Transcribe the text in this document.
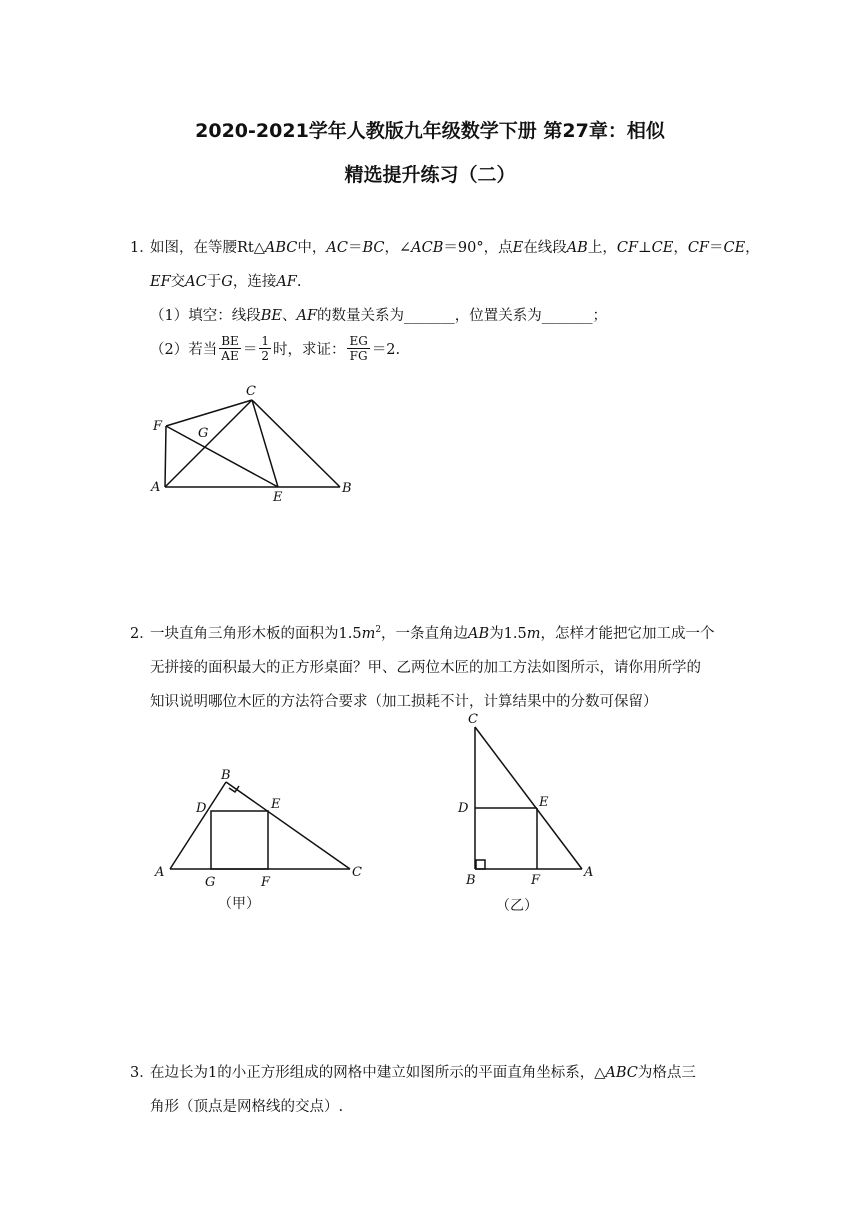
2020-2021学年人教版九年级数学下册 第27章：相似
精选提升练习（二）
1．
如图，在等腰Rt△ABC中，AC＝BC，∠ACB＝90°，点E在线段AB上，CF⊥CE，CF＝CE，
EF交AC于G，连接AF.
（1）填空：线段BE、AF的数量关系为_______，位置关系为_______；
（2）若当 $\frac{BE}{AE} = \frac{1}{2}$ 时，求证： $\frac{EG}{FG} =2$.
C
F	G
A
E
B
2．
一块直角三角形木板的面积为$1.5m^2$，一条直角边AB为1.5m，怎样才能把它加工成一个
无拼接的面积最大的正方形桌面？甲、乙两位木匠的加工方法如图所示，请你用所学的
知识说明哪位木匠的方法符合要求（加工损耗不计，计算结果中的分数可保留）
B
D	E
A
G	F
C
（甲）
C
D	E
B	F
A
（乙）
3．
在边长为1的小正方形组成的网格中建立如图所示的平面直角坐标系，△ABC为格点三
角形（顶点是网格线的交点）.
